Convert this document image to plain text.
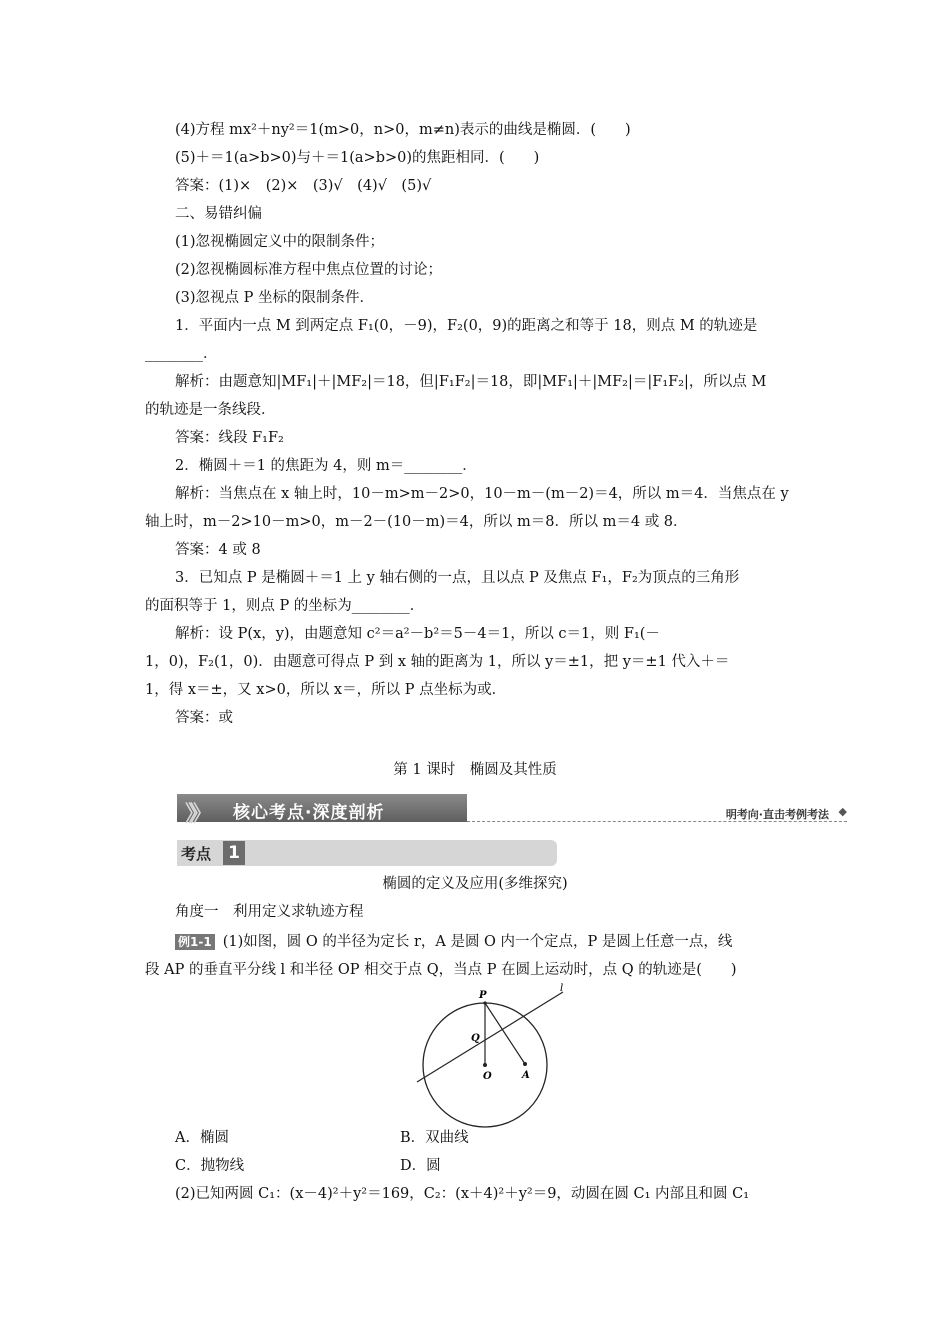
(4)方程 mx²＋ny²＝1(m>0，n>0，m≠n)表示的曲线是椭圆．(　　)
(5)＋＝1(a>b>0)与＋＝1(a>b>0)的焦距相同．(　　)
答案：(1)×　(2)×　(3)√　(4)√　(5)√
二、易错纠偏
(1)忽视椭圆定义中的限制条件；
(2)忽视椭圆标准方程中焦点位置的讨论；
(3)忽视点 P 坐标的限制条件．
1．平面内一点 M 到两定点 F₁(0，－9)，F₂(0，9)的距离之和等于 18，则点 M 的轨迹是
________．
解析：由题意知|MF₁|＋|MF₂|＝18，但|F₁F₂|＝18，即|MF₁|＋|MF₂|＝|F₁F₂|，所以点 M
的轨迹是一条线段．
答案：线段 F₁F₂
2．椭圆＋＝1 的焦距为 4，则 m＝________．
解析：当焦点在 x 轴上时，10－m>m－2>0，10－m－(m－2)＝4，所以 m＝4．当焦点在 y
轴上时，m－2>10－m>0，m－2－(10－m)＝4，所以 m＝8．所以 m＝4 或 8．
答案：4 或 8
3．已知点 P 是椭圆＋＝1 上 y 轴右侧的一点，且以点 P 及焦点 F₁，F₂为顶点的三角形
的面积等于 1，则点 P 的坐标为________．
解析：设 P(x，y)，由题意知 c²＝a²－b²＝5－4＝1，所以 c＝1，则 F₁(－
1，0)，F₂(1，0)．由题意可得点 P 到 x 轴的距离为 1，所以 y＝±1，把 y＝±1 代入＋＝
1，得 x＝±，又 x>0，所以 x＝，所以 P 点坐标为或．
答案：或
第 1 课时　椭圆及其性质
》》 核心考点·深度剖析	明考向·直击考例考法 ◆
考点 1
椭圆的定义及应用(多维探究)
角度一　利用定义求轨迹方程
例1-1 (1)如图，圆 O 的半径为定长 r，A 是圆 O 内一个定点，P 是圆上任意一点，线
段 AP 的垂直平分线 l 和半径 OP 相交于点 Q，当点 P 在圆上运动时，点 Q 的轨迹是(　　)
P
Q
O	A
l
A．椭圆	B．双曲线
C．抛物线	D．圆
(2)已知两圆 C₁：(x－4)²＋y²＝169，C₂：(x＋4)²＋y²＝9，动圆在圆 C₁ 内部且和圆 C₁
